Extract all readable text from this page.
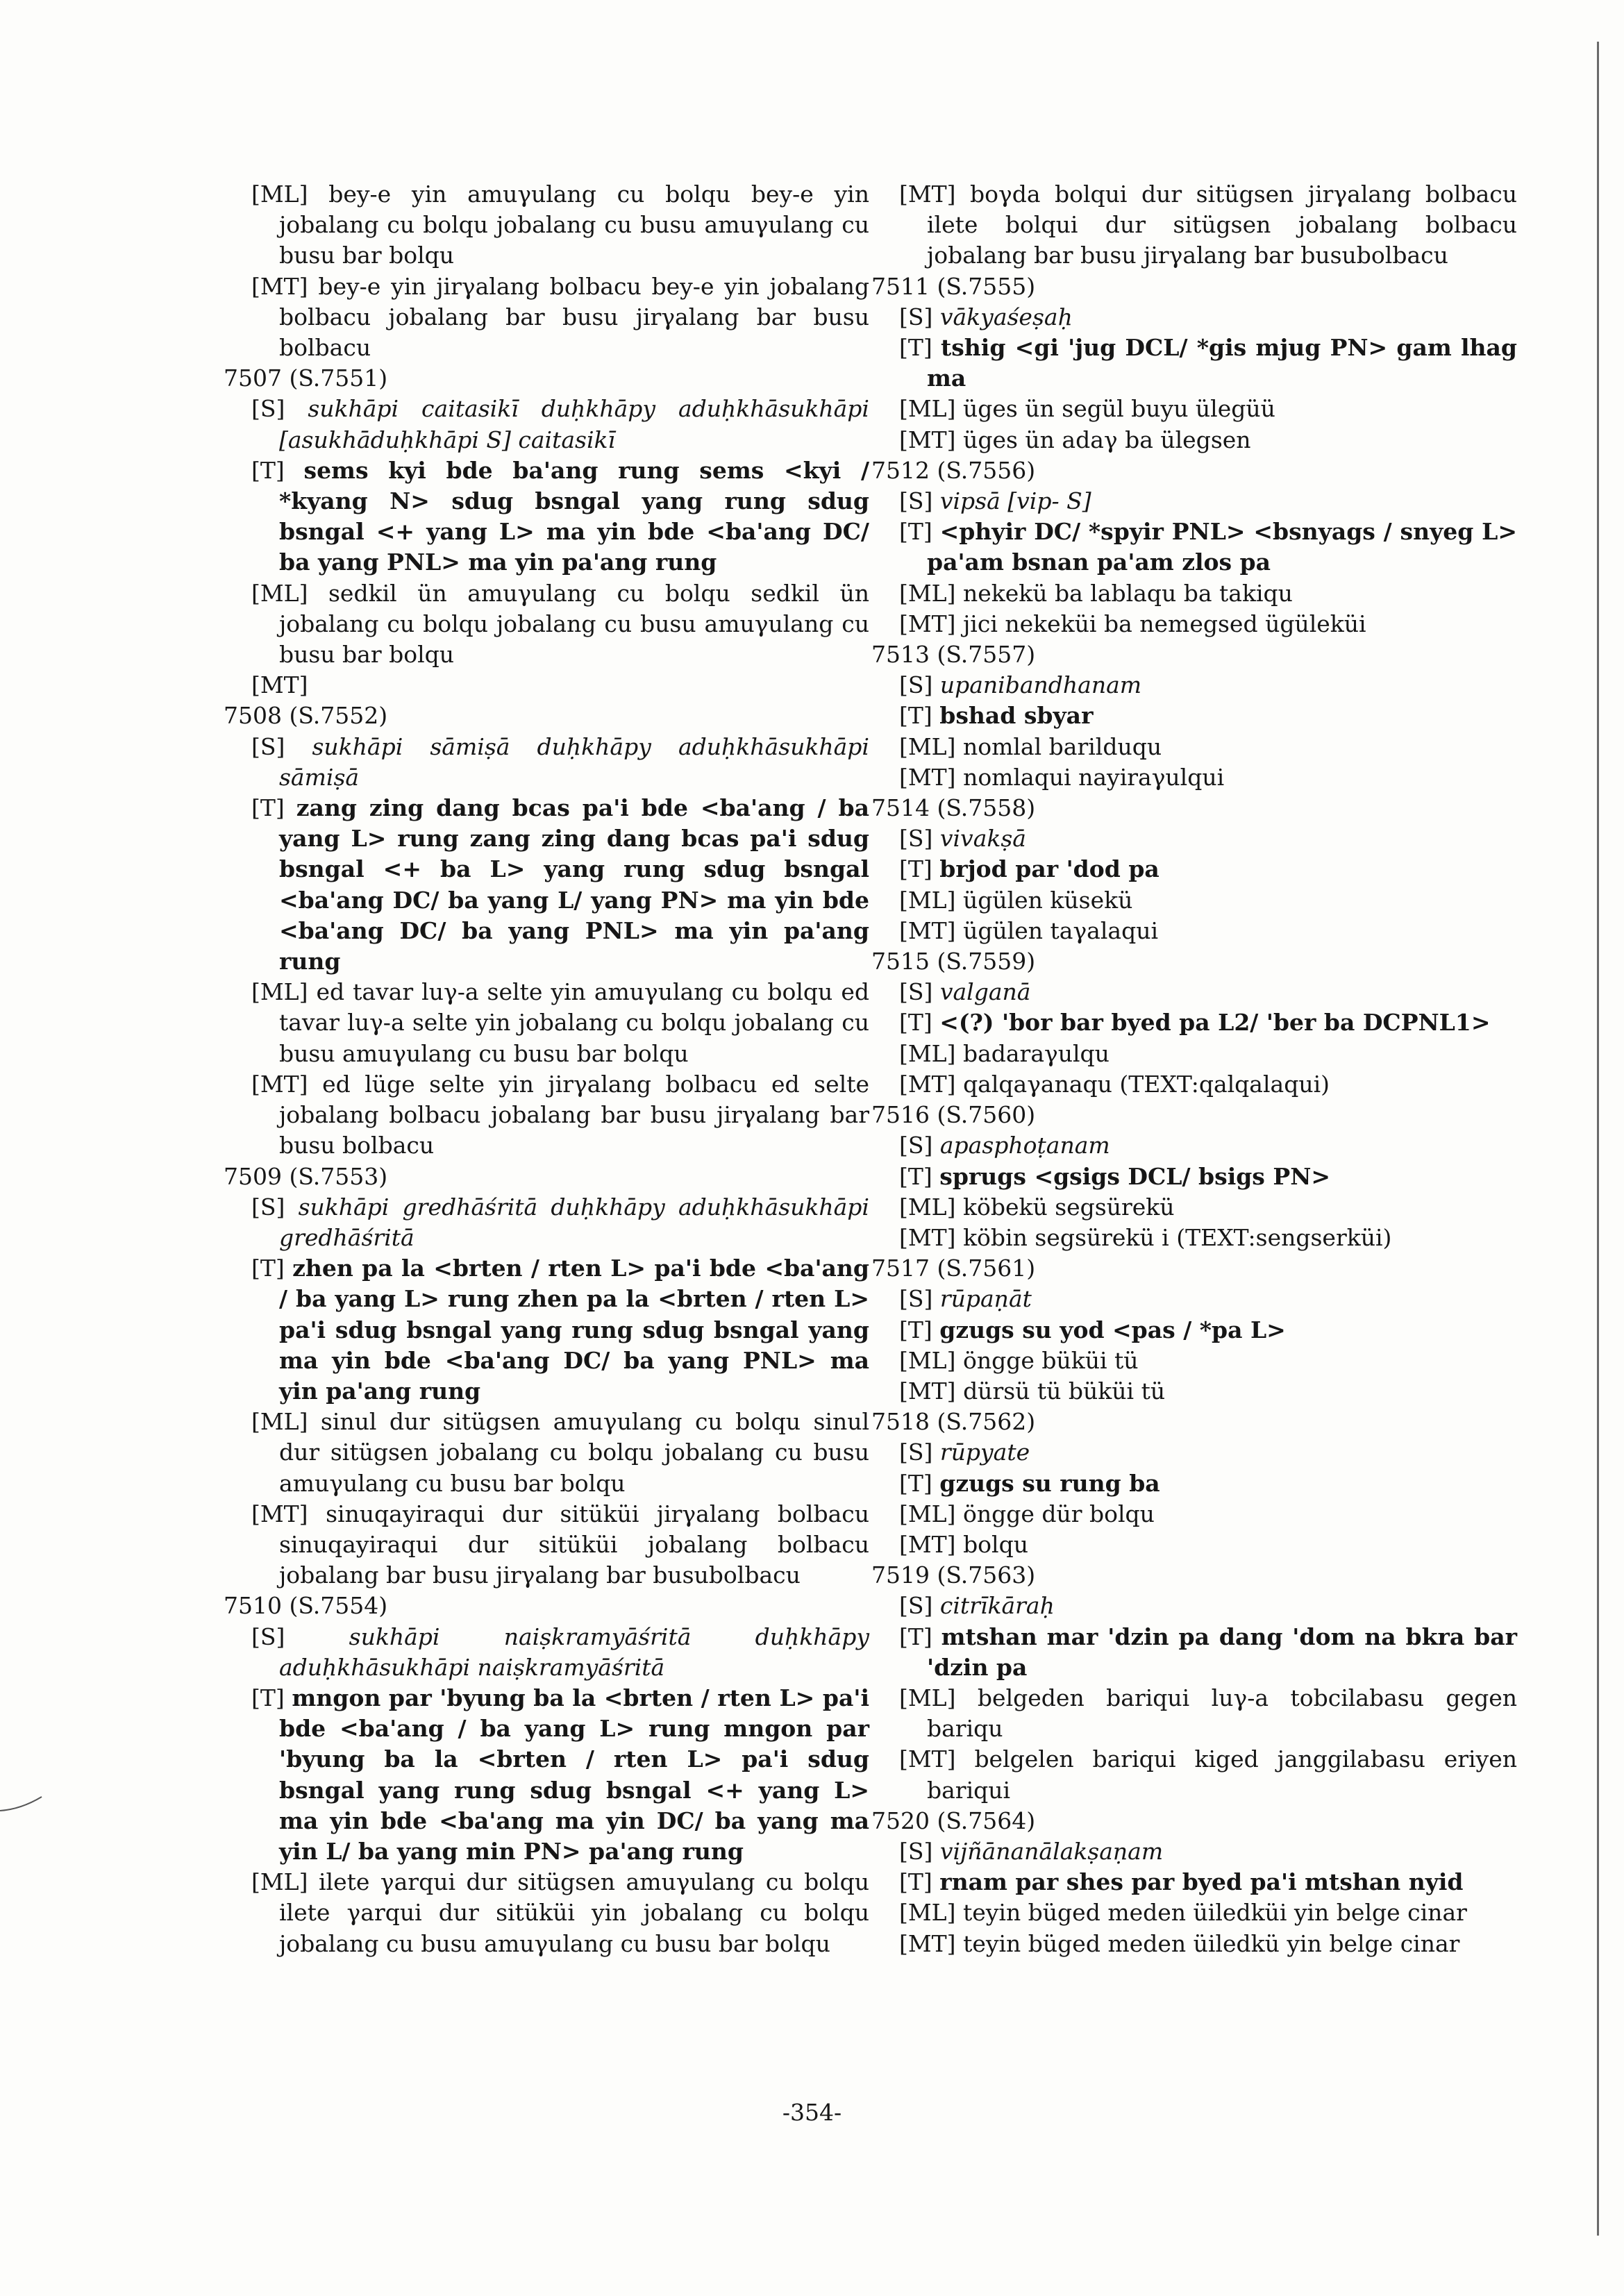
[ML] bey-e yin amuγulang cu bolqu bey-e yin jobalang cu bolqu jobalang cu busu amuγulang cu busu bar bolqu

[MT] bey-e yin jirγalang bolbacu bey-e yin jobalang bolbacu jobalang bar busu jirγalang bar busu bolbacu

7507 (S.7551)

[S] sukhāpi caitasikī duḥkhāpy aduḥkhāsukhāpi [asukhāduḥkhāpi S] caitasikī

[T] sems kyi bde ba'ang rung sems <kyi / *kyang N> sdug bsngal yang rung sdug bsngal <+ yang L> ma yin bde <ba'ang DC/ ba yang PNL> ma yin pa'ang rung

[ML] sedkil ün amuγulang cu bolqu sedkil ün jobalang cu bolqu jobalang cu busu amuγulang cu busu bar bolqu

[MT]

7508 (S.7552)

[S] sukhāpi sāmiṣā duḥkhāpy aduḥkhāsukhāpi sāmiṣā

[T] zang zing dang bcas pa'i bde <ba'ang / ba yang L> rung zang zing dang bcas pa'i sdug bsngal <+ ba L> yang rung sdug bsngal <ba'ang DC/ ba yang L/ yang PN> ma yin bde <ba'ang DC/ ba yang PNL> ma yin pa'ang rung

[ML] ed tavar luγ-a selte yin amuγulang cu bolqu ed tavar luγ-a selte yin jobalang cu bolqu jobalang cu busu amuγulang cu busu bar bolqu

[MT] ed lüge selte yin jirγalang bolbacu ed selte jobalang bolbacu jobalang bar busu jirγalang bar busu bolbacu

7509 (S.7553)

[S] sukhāpi gredhāśritā duḥkhāpy aduḥkhāsukhāpi gredhāśritā

[T] zhen pa la <brten / rten L> pa'i bde <ba'ang / ba yang L> rung zhen pa la <brten / rten L> pa'i sdug bsngal yang rung sdug bsngal yang ma yin bde <ba'ang DC/ ba yang PNL> ma yin pa'ang rung

[ML] sinul dur sitügsen amuγulang cu bolqu sinul dur sitügsen jobalang cu bolqu jobalang cu busu amuγulang cu busu bar bolqu

[MT] sinuqayiraqui dur sitüküi jirγalang bolbacu sinuqayiraqui dur sitüküi jobalang bolbacu jobalang bar busu jirγalang bar busubolbacu

7510 (S.7554)

[S]	sukhāpi naiṣkramyāśritā duḥkhāpy aduḥkhāsukhāpi naiṣkramyāśritā

[T] mngon par 'byung ba la <brten / rten L> pa'i bde <ba'ang / ba yang L> rung mngon par 'byung ba la <brten / rten L> pa'i sdug bsngal yang rung sdug bsngal <+ yang L> ma yin bde <ba'ang ma yin DC/ ba yang ma yin L/ ba yang min PN> pa'ang rung

[ML] ilete γarqui dur sitügsen amuγulang cu bolqu ilete γarqui dur sitüküi yin jobalang cu bolqu jobalang cu busu amuγulang cu busu bar bolqu

[MT] boγda bolqui dur sitügsen jirγalang bolbacu ilete bolqui dur sitügsen jobalang bolbacu jobalang bar busu jirγalang bar busubolbacu

7511 (S.7555)

[S] vākyaśeṣaḥ

[T] tshig <gi 'jug DCL/ *gis mjug PN> gam lhag ma

[ML] üges ün segül buyu ülegüü

[MT] üges ün adaγ ba ülegsen

7512 (S.7556)

[S] vipsā [vip- S]

[T] <phyir DC/ *spyir PNL> <bsnyags / snyeg L> pa'am bsnan pa'am zlos pa

[ML] nekekü ba lablaqu ba takiqu

[MT] jici nekeküi ba nemegsed ügüleküi

7513 (S.7557)

[S] upanibandhanam

[T] bshad sbyar

[ML] nomlal barilduqu

[MT] nomlaqui nayiraγulqui

7514 (S.7558)

[S] vivakṣā

[T] brjod par 'dod pa

[ML] ügülen küsekü

[MT] ügülen taγalaqui

7515 (S.7559)

[S] valganā

[T] <(?) 'bor bar byed pa L2/ 'ber ba DCPNL1>

[ML] badaraγulqu

[MT] qalqaγanaqu (TEXT:qalqalaqui)

7516 (S.7560)

[S] apasphoṭanam

[T] sprugs <gsigs DCL/ bsigs PN>

[ML] köbekü segsürekü

[MT] köbin segsürekü i (TEXT:sengserküi)

7517 (S.7561)

[S] rūpaṇāt

[T] gzugs su yod <pas / *pa L>

[ML] öngge büküi tü

[MT] dürsü tü büküi tü

7518 (S.7562)

[S] rūpyate

[T] gzugs su rung ba

[ML] öngge dür bolqu

[MT] bolqu

7519 (S.7563)

[S] citrīkāraḥ

[T] mtshan mar 'dzin pa dang 'dom na bkra bar 'dzin pa

[ML] belgeden bariqui luγ-a tobcilabasu gegen bariqu

[MT] belgelen bariqui kiged janggilabasu eriyen bariqui

7520 (S.7564)

[S] vijñānanālakṣaṇam

[T] rnam par shes par byed pa'i mtshan nyid

[ML] teyin büged meden üiledküi yin belge cinar

[MT] teyin büged meden üiledkü yin belge cinar

-354-
